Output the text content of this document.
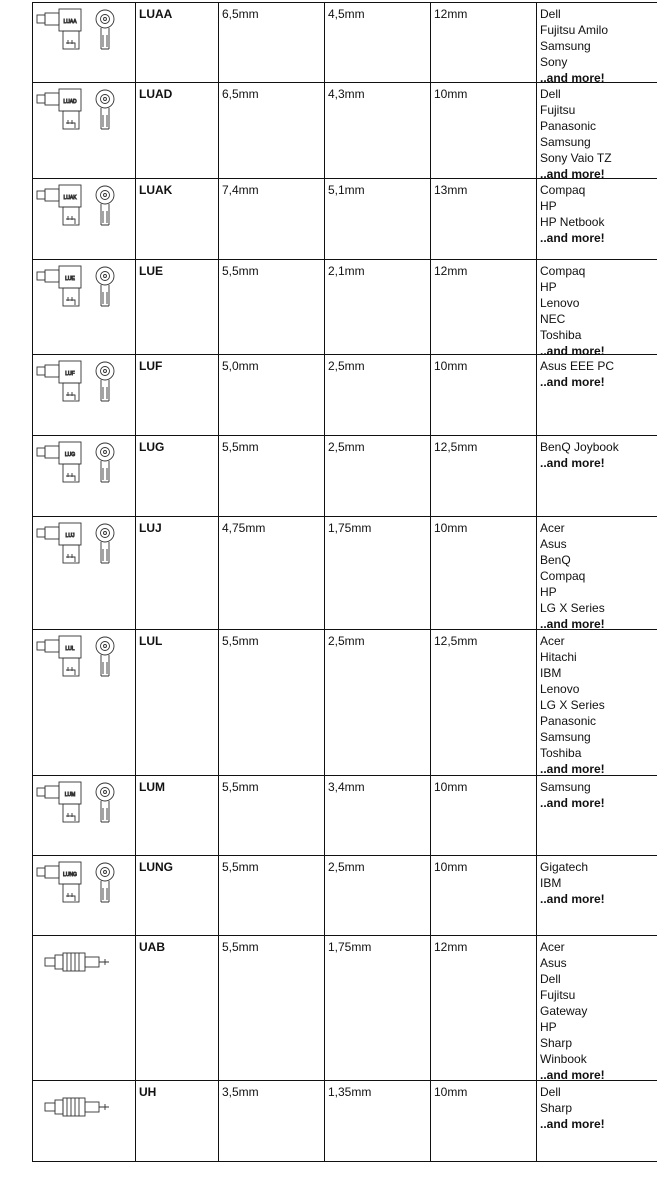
LUAA
LUAA	6,5mm	4,5mm	12mm	Dell
Fujitsu Amilo
Samsung
Sony
..and more!
LUAD
LUAD	6,5mm	4,3mm	10mm	Dell
Fujitsu
Panasonic
Samsung
Sony Vaio TZ
..and more!
LUAK
LUAK	7,4mm	5,1mm	13mm	Compaq
HP
HP Netbook
..and more!
LUE
LUE	5,5mm	2,1mm	12mm	Compaq
HP
Lenovo
NEC
Toshiba
..and more!
LUF
LUF	5,0mm	2,5mm	10mm	Asus EEE PC
..and more!
LUG
LUG	5,5mm	2,5mm	12,5mm	BenQ Joybook
..and more!
LUJ
LUJ	4,75mm	1,75mm	10mm	Acer
Asus
BenQ
Compaq
HP
LG X Series
..and more!
LUL
LUL	5,5mm	2,5mm	12,5mm	Acer
Hitachi
IBM
Lenovo
LG X Series
Panasonic
Samsung
Toshiba
..and more!
LUM
LUM	5,5mm	3,4mm	10mm	Samsung
..and more!
LUNG
LUNG	5,5mm	2,5mm	10mm	Gigatech
IBM
..and more!
UAB	5,5mm	1,75mm	12mm	Acer
Asus
Dell
Fujitsu
Gateway
HP
Sharp
Winbook
..and more!
UH	3,5mm	1,35mm	10mm	Dell
Sharp
..and more!
